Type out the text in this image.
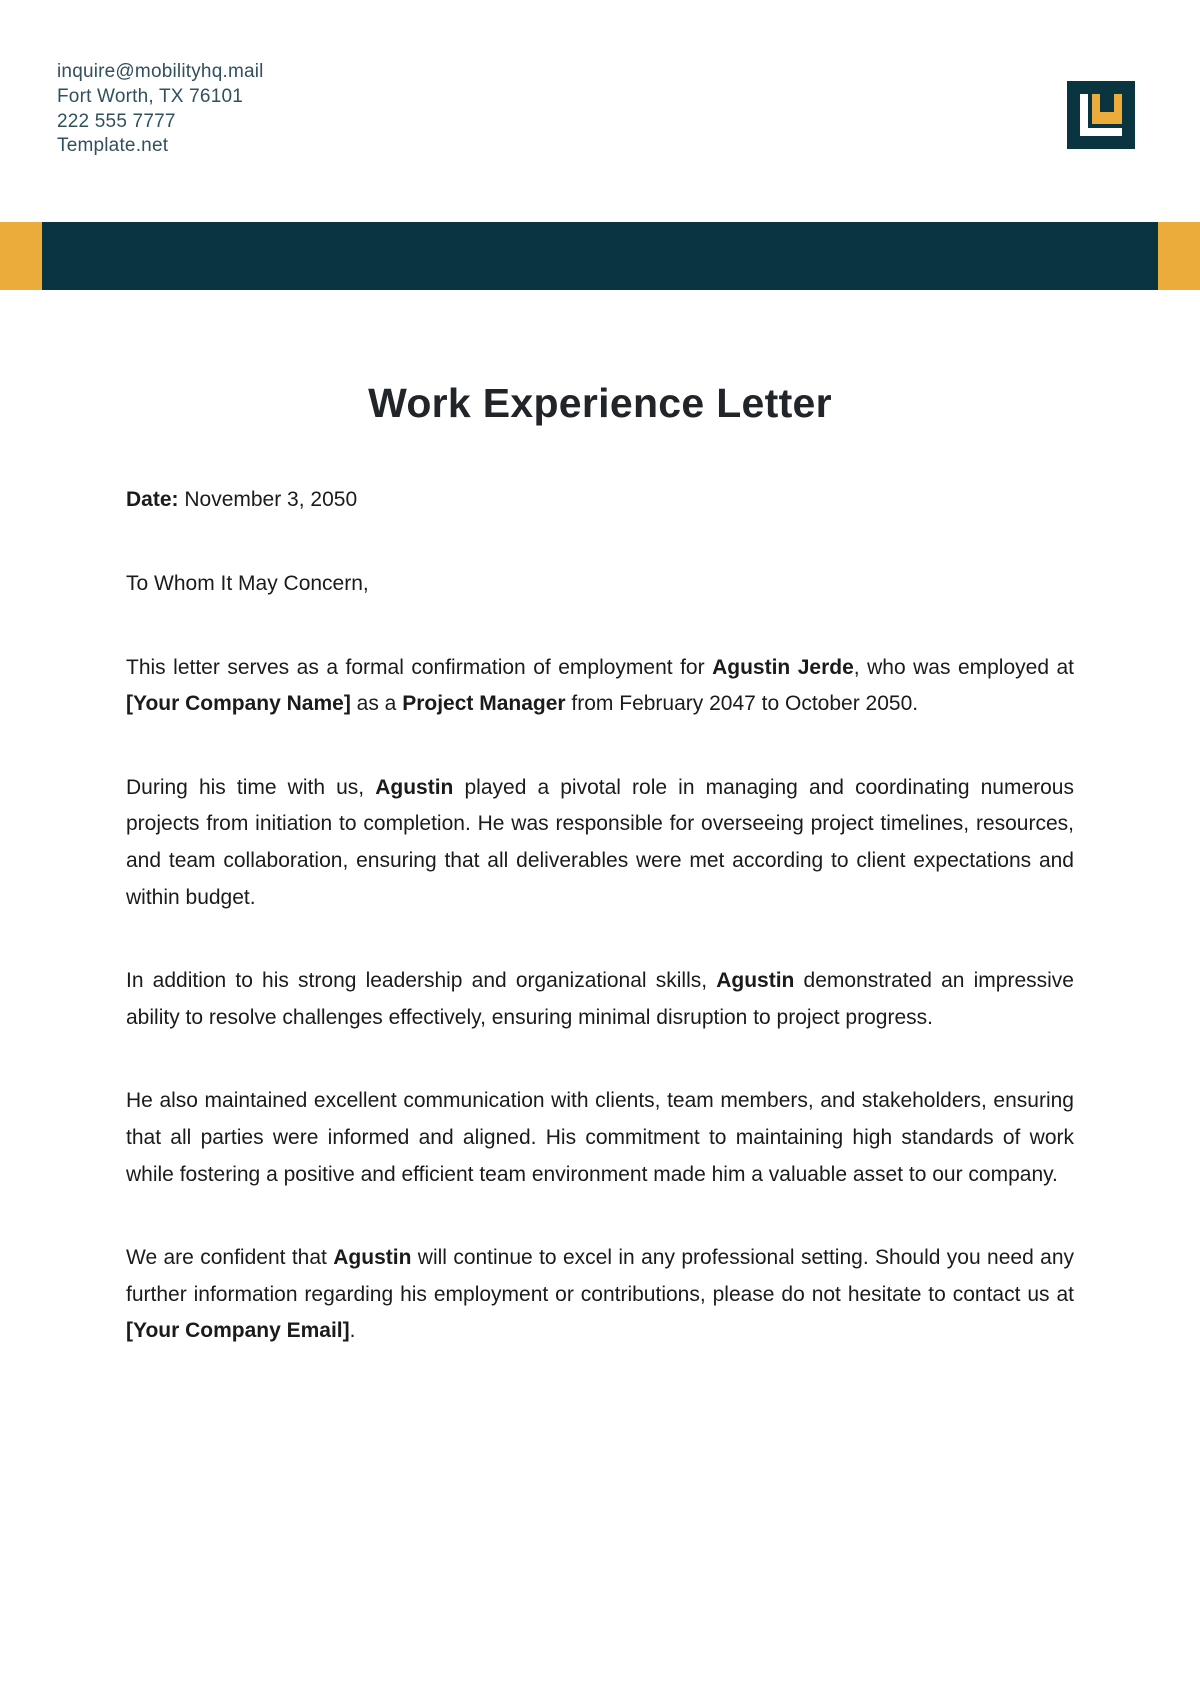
inquire@mobilityhq.mail
Fort Worth, TX 76101
222 555 7777
Template.net
Work Experience Letter
Date: November 3, 2050
To Whom It May Concern,

This letter serves as a formal confirmation of employment for Agustin Jerde, who was employed at [Your Company Name] as a Project Manager from February 2047 to October 2050.

During his time with us, Agustin played a pivotal role in managing and coordinating numerous projects from initiation to completion. He was responsible for overseeing project timelines, resources, and team collaboration, ensuring that all deliverables were met according to client expectations and within budget.

In addition to his strong leadership and organizational skills, Agustin demonstrated an impressive ability to resolve challenges effectively, ensuring minimal disruption to project progress.

He also maintained excellent communication with clients, team members, and stakeholders, ensuring that all parties were informed and aligned. His commitment to maintaining high standards of work while fostering a positive and efficient team environment made him a valuable asset to our company.

We are confident that Agustin will continue to excel in any professional setting. Should you need any further information regarding his employment or contributions, please do not hesitate to contact us at [Your Company Email].
